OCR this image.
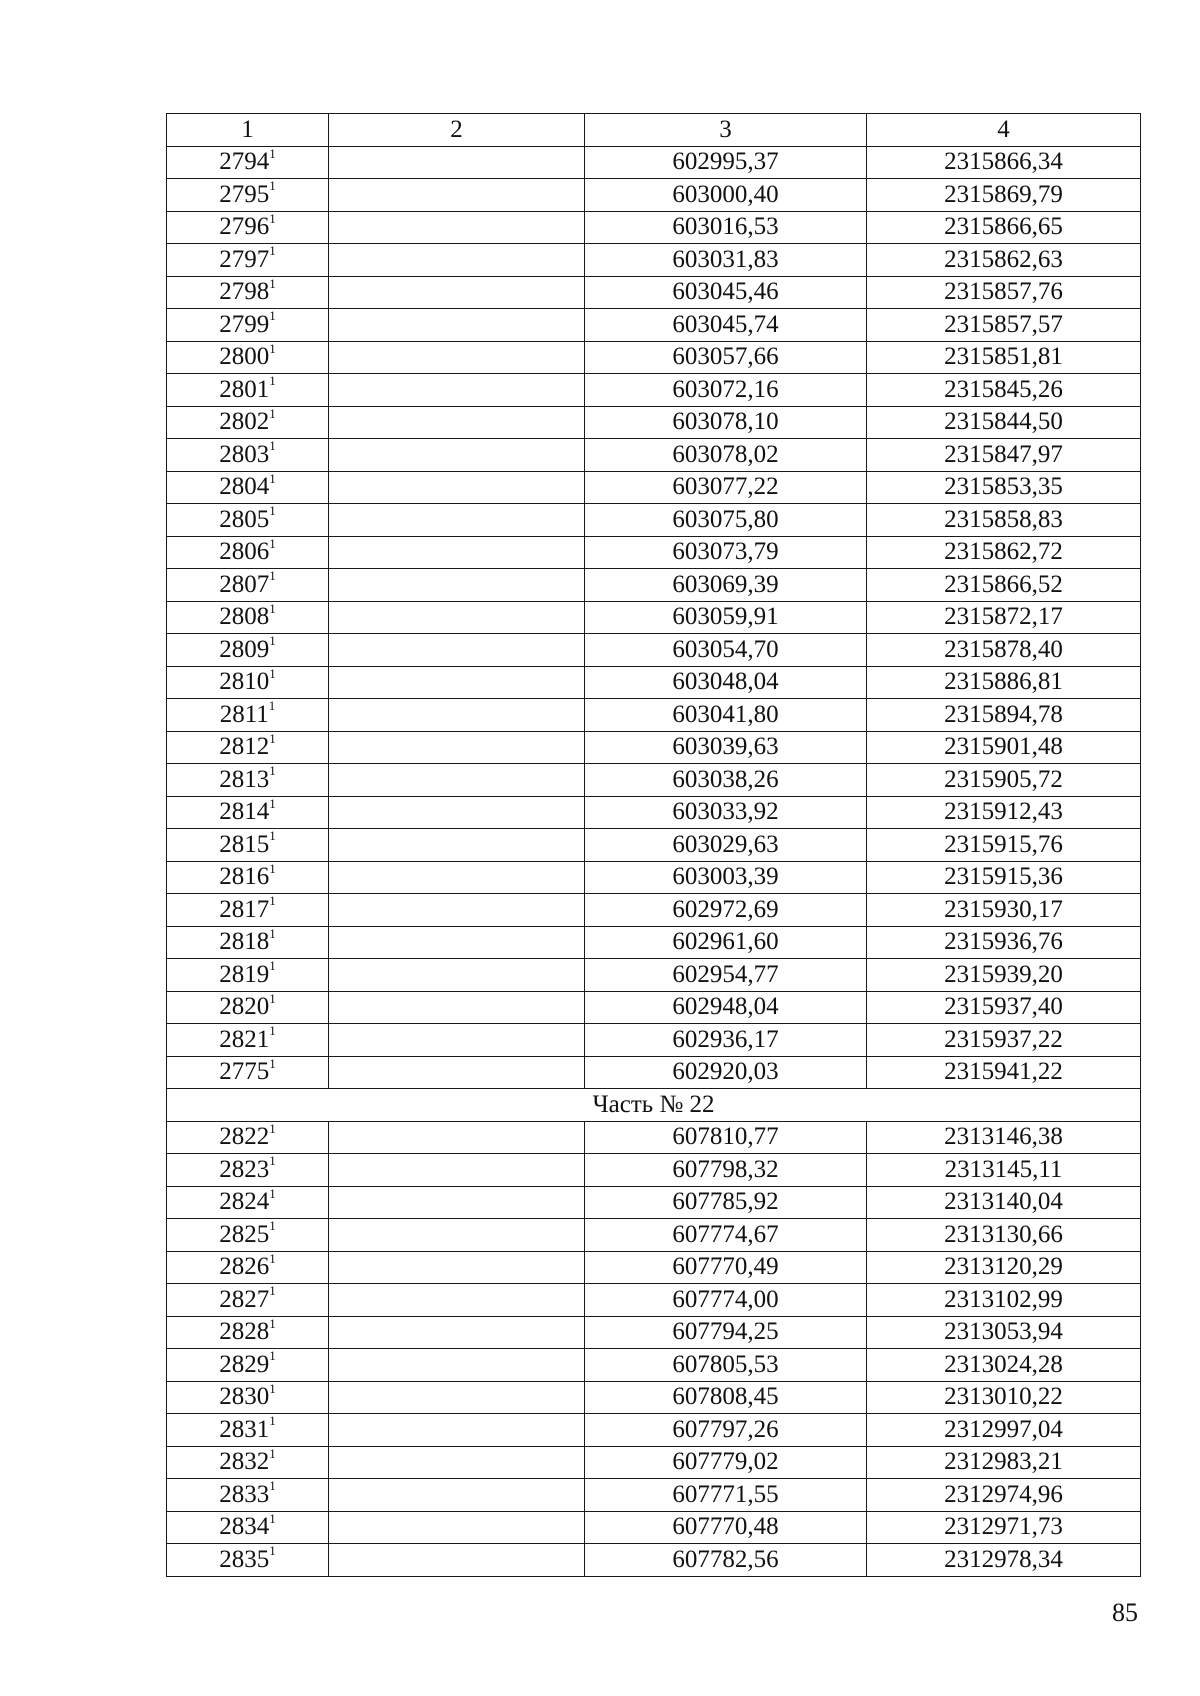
1	2	3	4
2794$^1$		602995,37	2315866,34
2795$^1$		603000,40	2315869,79
2796$^1$		603016,53	2315866,65
2797$^1$		603031,83	2315862,63
2798$^1$		603045,46	2315857,76
2799$^1$		603045,74	2315857,57
2800$^1$		603057,66	2315851,81
2801$^1$		603072,16	2315845,26
2802$^1$		603078,10	2315844,50
2803$^1$		603078,02	2315847,97
2804$^1$		603077,22	2315853,35
2805$^1$		603075,80	2315858,83
2806$^1$		603073,79	2315862,72
2807$^1$		603069,39	2315866,52
2808$^1$		603059,91	2315872,17
2809$^1$		603054,70	2315878,40
2810$^1$		603048,04	2315886,81
2811$^1$		603041,80	2315894,78
2812$^1$		603039,63	2315901,48
2813$^1$		603038,26	2315905,72
2814$^1$		603033,92	2315912,43
2815$^1$		603029,63	2315915,76
2816$^1$		603003,39	2315915,36
2817$^1$		602972,69	2315930,17
2818$^1$		602961,60	2315936,76
2819$^1$		602954,77	2315939,20
2820$^1$		602948,04	2315937,40
2821$^1$		602936,17	2315937,22
2775$^1$		602920,03	2315941,22
Часть № 22			
2822$^1$		607810,77	2313146,38
2823$^1$		607798,32	2313145,11
2824$^1$		607785,92	2313140,04
2825$^1$		607774,67	2313130,66
2826$^1$		607770,49	2313120,29
2827$^1$		607774,00	2313102,99
2828$^1$		607794,25	2313053,94
2829$^1$		607805,53	2313024,28
2830$^1$		607808,45	2313010,22
2831$^1$		607797,26	2312997,04
2832$^1$		607779,02	2312983,21
2833$^1$		607771,55	2312974,96
2834$^1$		607770,48	2312971,73
2835$^1$		607782,56	2312978,34
85
